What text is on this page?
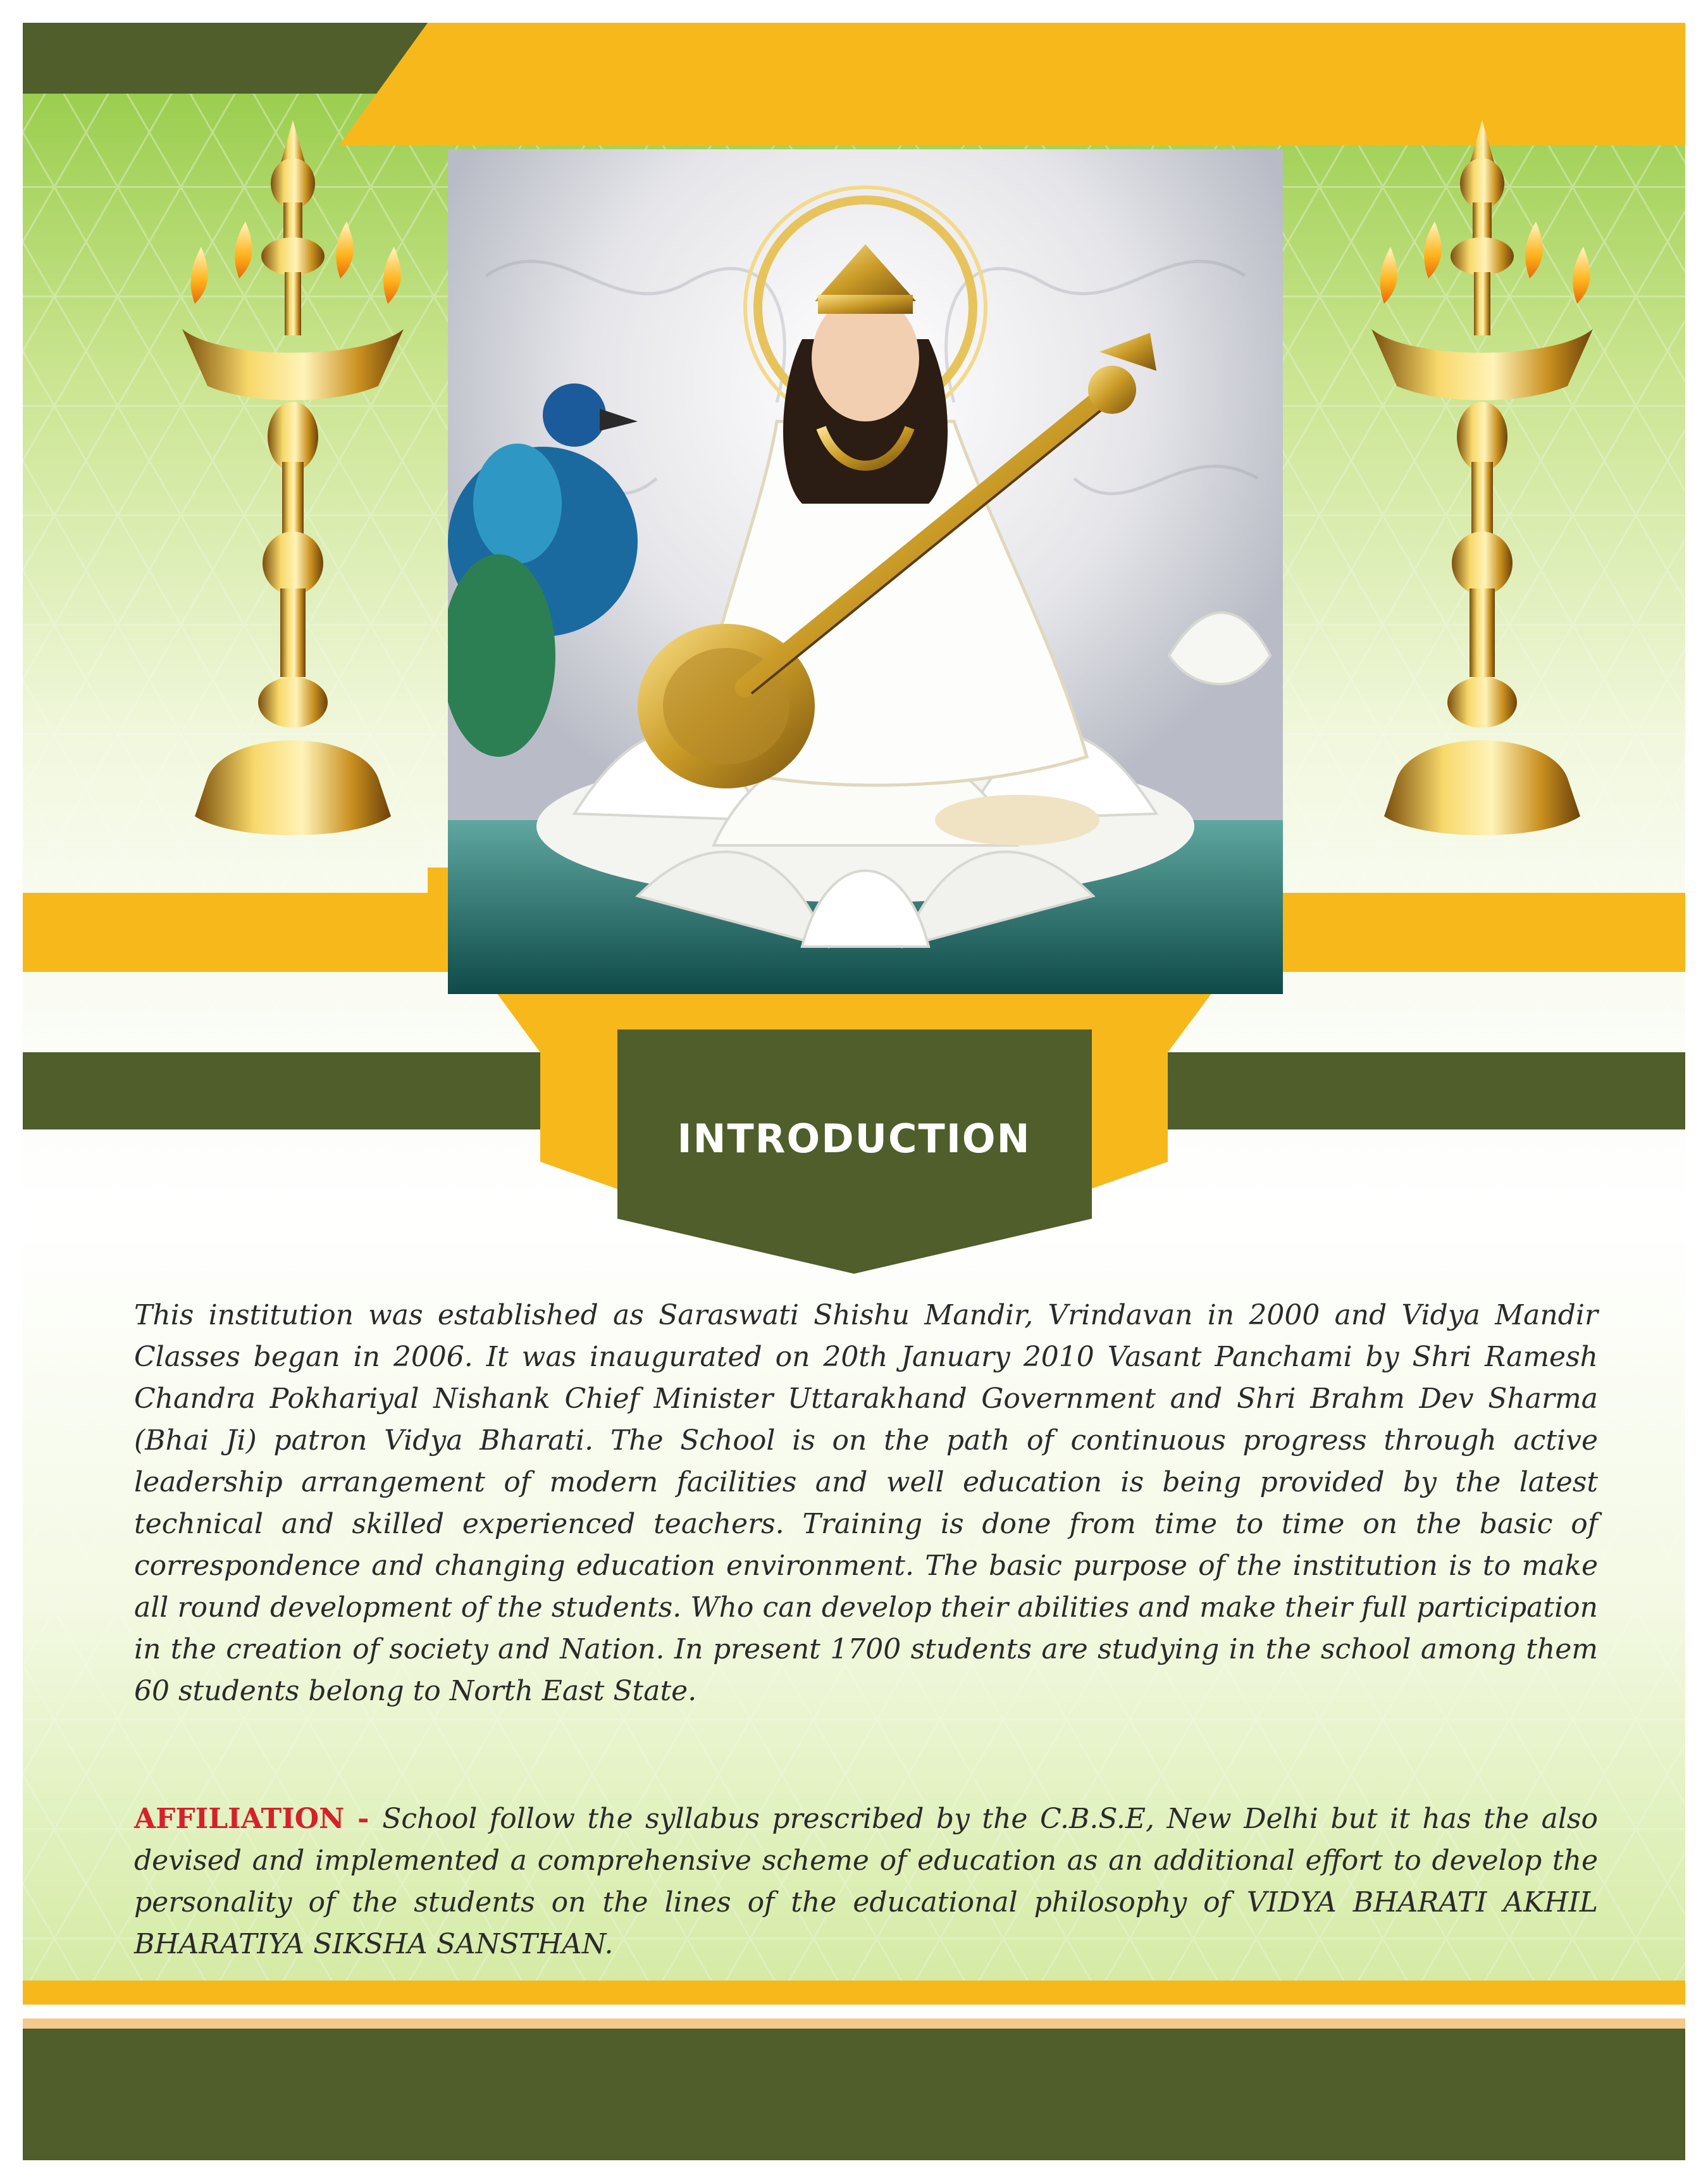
INTRODUCTION

This institution was established as Saraswati Shishu Mandir, Vrindavan in 2000 and Vidya Mandir Classes began in 2006. It was inaugurated on 20th January 2010 Vasant Panchami by Shri Ramesh Chandra Pokhariyal Nishank Chief Minister Uttarakhand Government and Shri Brahm Dev Sharma (Bhai Ji) patron Vidya Bharati. The School is on the path of continuous progress through active leadership arrangement of modern facilities and well education is being provided by the latest technical and skilled experienced teachers. Training is done from time to time on the basic of correspondence and changing education environment. The basic purpose of the institution is to make all round development of the students. Who can develop their abilities and make their full participation in the creation of society and Nation. In present 1700 students are studying in the school among them 60 students belong to North East State.

AFFILIATION - School follow the syllabus prescribed by the C.B.S.E, New Delhi but it has the also devised and implemented a comprehensive scheme of education as an additional effort to develop the personality of the students on the lines of the educational philosophy of VIDYA BHARATI AKHIL BHARATIYA SIKSHA SANSTHAN.
